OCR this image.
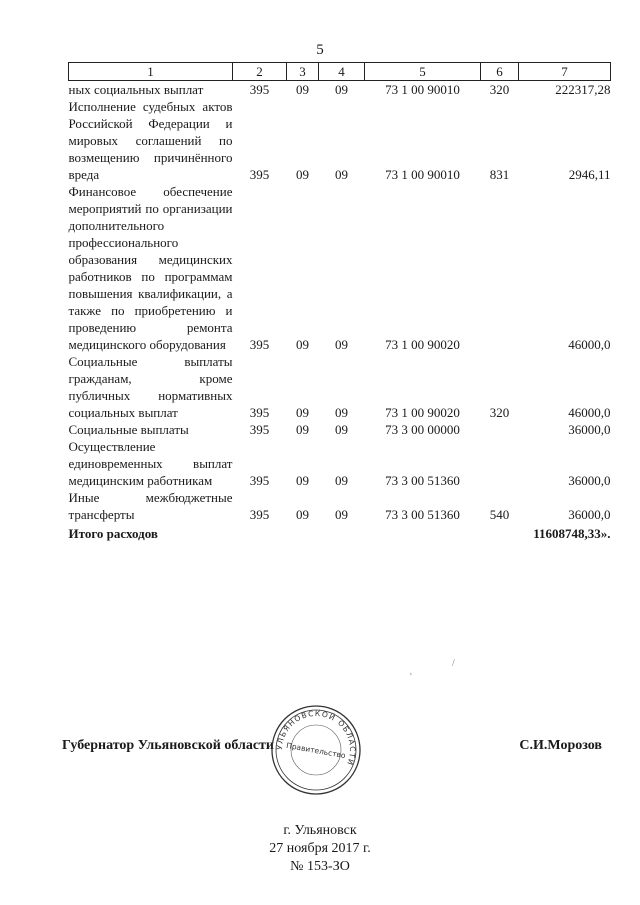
5
1	2	3	4	5	6	7
ных социальных выплат	395	09	09	73 1 00 90010	320	222317,28
Исполнение судебных актов Российской Федерации и мировых соглашений по возмещению причинённого вреда	395	09	09	73 1 00 90010	831	2946,11
Финансовое обеспечение мероприятий по организации дополнительного профессионального образования медицинских работников по программам повышения квалификации, а также по приобретению и проведению ремонта медицинского оборудования	395	09	09	73 1 00 90020		46000,0
Социальные выплаты гражданам, кроме публичных нормативных социальных выплат	395	09	09	73 1 00 90020	320	46000,0
Социальные выплаты	395	09	09	73 3 00 00000		36000,0
Осуществление единовременных выплат медицинским работникам	395	09	09	73 3 00 51360		36000,0
Иные межбюджетные трансферты	395	09	09	73 3 00 51360	540	36000,0
Итого расходов	11608748,33».					
/
'
Губернатор Ульяновской области	С.И.Морозов
УЛЬЯНОВСКОЙ ОБЛАСТИ
Правительство
г. Ульяновск
27 ноября 2017 г.
№ 153-ЗО
